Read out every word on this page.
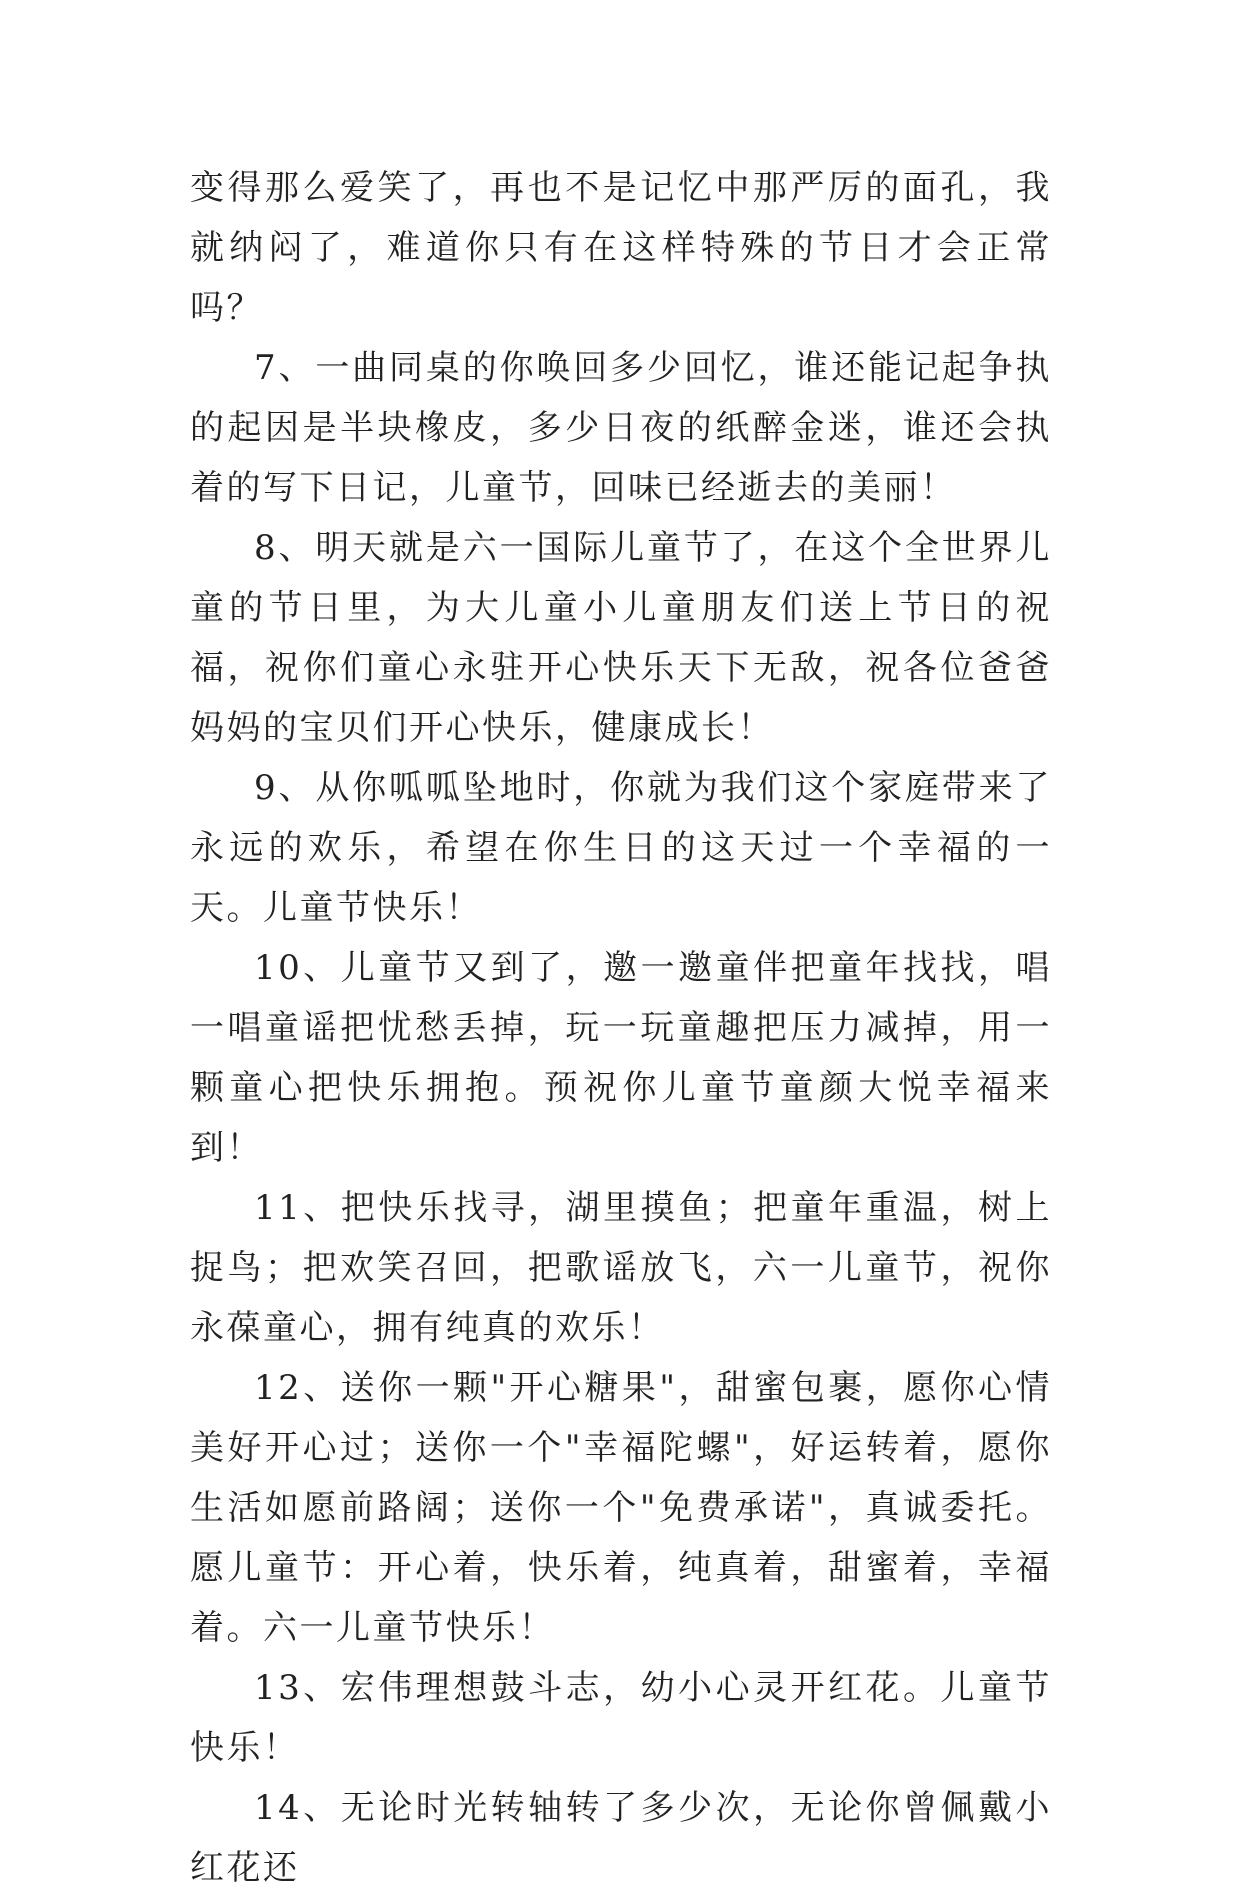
变得那么爱笑了，再也不是记忆中那严厉的面孔，我就纳闷了，难道你只有在这样特殊的节日才会正常吗？

7、一曲同桌的你唤回多少回忆，谁还能记起争执的起因是半块橡皮，多少日夜的纸醉金迷，谁还会执着的写下日记，儿童节，回味已经逝去的美丽！

8、明天就是六一国际儿童节了，在这个全世界儿童的节日里，为大儿童小儿童朋友们送上节日的祝福，祝你们童心永驻开心快乐天下无敌，祝各位爸爸妈妈的宝贝们开心快乐，健康成长！

9、从你呱呱坠地时，你就为我们这个家庭带来了永远的欢乐，希望在你生日的这天过一个幸福的一天。儿童节快乐！

10、儿童节又到了，邀一邀童伴把童年找找，唱一唱童谣把忧愁丢掉，玩一玩童趣把压力减掉，用一颗童心把快乐拥抱。预祝你儿童节童颜大悦幸福来到！

11、把快乐找寻，湖里摸鱼；把童年重温，树上捉鸟；把欢笑召回，把歌谣放飞，六一儿童节，祝你永葆童心，拥有纯真的欢乐！

12、送你一颗"开心糖果"，甜蜜包裹，愿你心情美好开心过；送你一个"幸福陀螺"，好运转着，愿你生活如愿前路阔；送你一个"免费承诺"，真诚委托。愿儿童节：开心着，快乐着，纯真着，甜蜜着，幸福着。六一儿童节快乐！

13、宏伟理想鼓斗志，幼小心灵开红花。儿童节快乐！

14、无论时光转轴转了多少次，无论你曾佩戴小红花还
